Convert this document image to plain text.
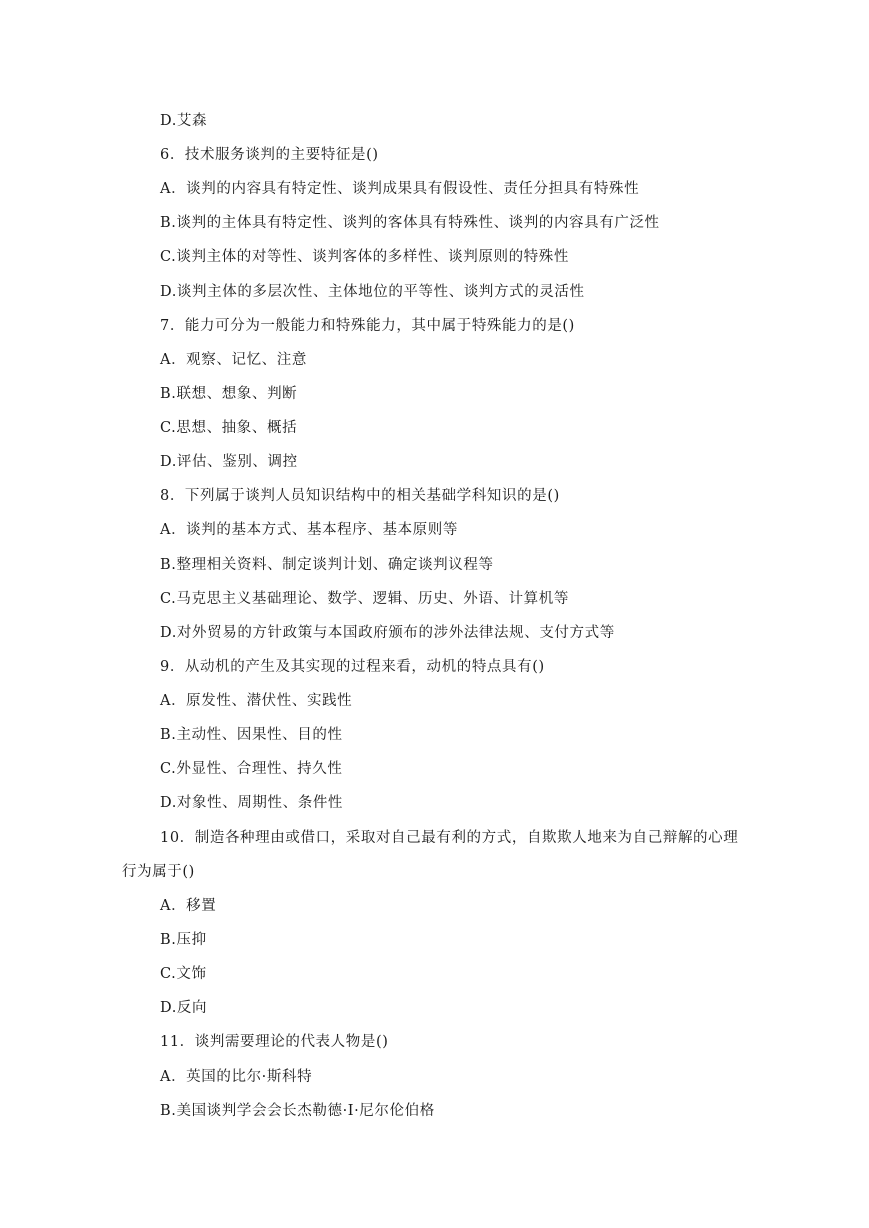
D.艾森
6．技术服务谈判的主要特征是()
A．谈判的内容具有特定性、谈判成果具有假设性、责任分担具有特殊性
B.谈判的主体具有特定性、谈判的客体具有特殊性、谈判的内容具有广泛性
C.谈判主体的对等性、谈判客体的多样性、谈判原则的特殊性
D.谈判主体的多层次性、主体地位的平等性、谈判方式的灵活性
7．能力可分为一般能力和特殊能力，其中属于特殊能力的是()
A．观察、记忆、注意
B.联想、想象、判断
C.思想、抽象、概括
D.评估、鉴别、调控
8．下列属于谈判人员知识结构中的相关基础学科知识的是()
A．谈判的基本方式、基本程序、基本原则等
B.整理相关资料、制定谈判计划、确定谈判议程等
C.马克思主义基础理论、数学、逻辑、历史、外语、计算机等
D.对外贸易的方针政策与本国政府颁布的涉外法律法规、支付方式等
9．从动机的产生及其实现的过程来看，动机的特点具有()
A．原发性、潜伏性、实践性
B.主动性、因果性、目的性
C.外显性、合理性、持久性
D.对象性、周期性、条件性
10．制造各种理由或借口，采取对自己最有利的方式，自欺欺人地来为自己辩解的心理
行为属于()
A．移置
B.压抑
C.文饰
D.反向
11．谈判需要理论的代表人物是()
A．英国的比尔·斯科特
B.美国谈判学会会长杰勒德·I·尼尔伦伯格
